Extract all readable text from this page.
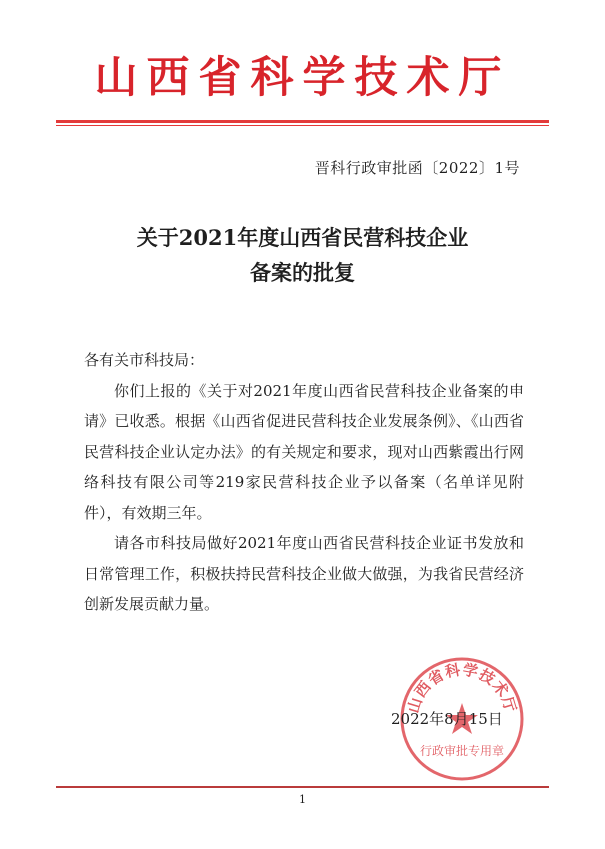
山西省科学技术厅
晋科行政审批函〔2022〕1号
关于2021年度山西省民营科技企业
备案的批复

各有关市科技局：

你们上报的《关于对2021年度山西省民营科技企业备案的申请》已收悉。根据《山西省促进民营科技企业发展条例》、《山西省民营科技企业认定办法》的有关规定和要求，现对山西紫霞出行网络科技有限公司等219家民营科技企业予以备案（名单详见附件），有效期三年。

请各市科技局做好2021年度山西省民营科技企业证书发放和日常管理工作，积极扶持民营科技企业做大做强，为我省民营经济创新发展贡献力量。

山西省科学技术厅
行政审批专用章
2022年8月15日
1
